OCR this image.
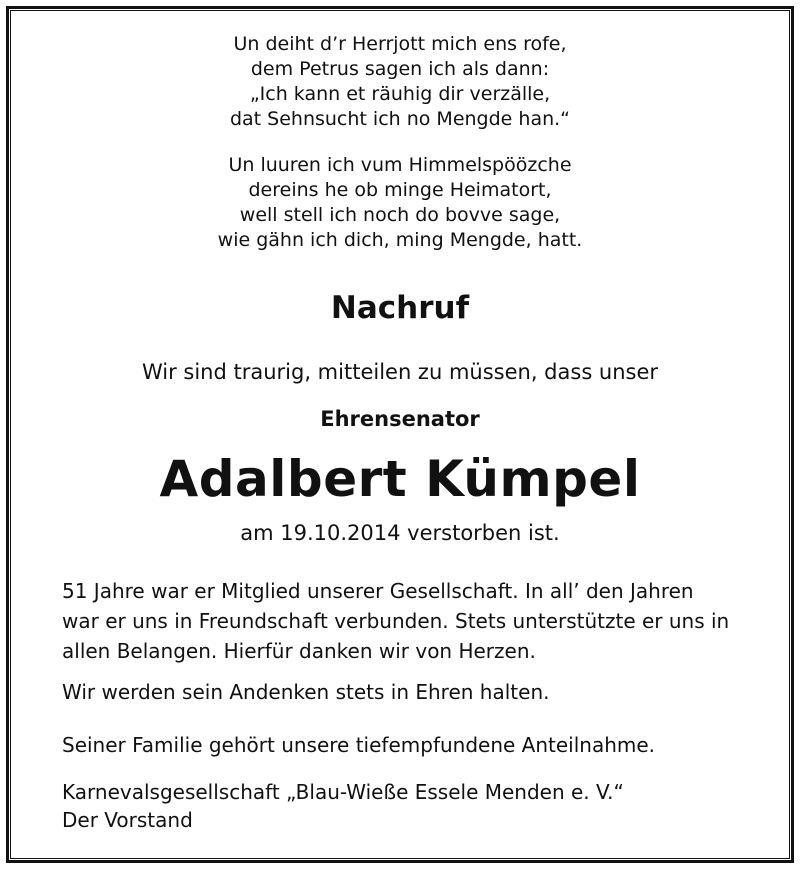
Un deiht d’r Herrjott mich ens rofe,
dem Petrus sagen ich als dann:
„Ich kann et räuhig dir verzälle,
dat Sehnsucht ich no Mengde han.“
Un luuren ich vum Himmelspöözche
dereins he ob minge Heimatort,
well stell ich noch do bovve sage,
wie gähn ich dich, ming Mengde, hatt.
Nachruf
Wir sind traurig, mitteilen zu müssen, dass unser
Ehrensenator
Adalbert Kümpel
am 19.10.2014 verstorben ist.
51 Jahre war er Mitglied unserer Gesellschaft. In all’ den Jahren
war er uns in Freundschaft verbunden. Stets unterstützte er uns in
allen Belangen. Hierfür danken wir von Herzen.
Wir werden sein Andenken stets in Ehren halten.
Seiner Familie gehört unsere tiefempfundene Anteilnahme.
Karnevalsgesellschaft „Blau-Wieße Essele Menden e. V.“
Der Vorstand
